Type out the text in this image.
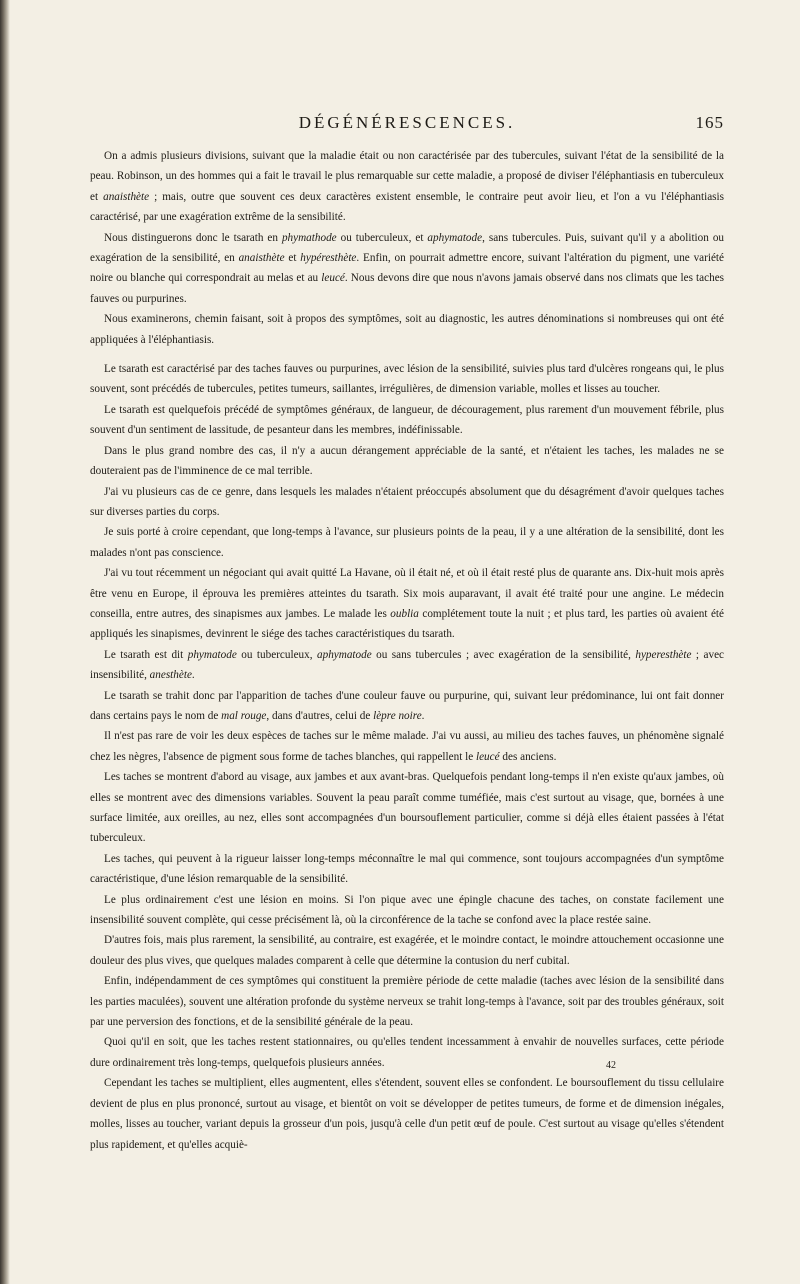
DÉGÉNÉRESCENCES.	165

On a admis plusieurs divisions, suivant que la maladie était ou non caractérisée par des tubercules, suivant l'état de la sensibilité de la peau. Robinson, un des hommes qui a fait le travail le plus remarquable sur cette maladie, a proposé de diviser l'éléphantiasis en tuberculeux et anaisthète ; mais, outre que souvent ces deux caractères existent ensemble, le contraire peut avoir lieu, et l'on a vu l'éléphantiasis caractérisé, par une exagération extrême de la sensibilité.

Nous distinguerons donc le tsarath en phymathode ou tuberculeux, et aphymatode, sans tubercules. Puis, suivant qu'il y a abolition ou exagération de la sensibilité, en anaisthète et hypéresthète. Enfin, on pourrait admettre encore, suivant l'altération du pigment, une variété noire ou blanche qui correspondrait au melas et au leucé. Nous devons dire que nous n'avons jamais observé dans nos climats que les taches fauves ou purpurines.

Nous examinerons, chemin faisant, soit à propos des symptômes, soit au diagnostic, les autres dénominations si nombreuses qui ont été appliquées à l'éléphantiasis.

Le tsarath est caractérisé par des taches fauves ou purpurines, avec lésion de la sensibilité, suivies plus tard d'ulcères rongeans qui, le plus souvent, sont précédés de tubercules, petites tumeurs, saillantes, irrégulières, de dimension variable, molles et lisses au toucher.

Le tsarath est quelquefois précédé de symptômes généraux, de langueur, de découragement, plus rarement d'un mouvement fébrile, plus souvent d'un sentiment de lassitude, de pesanteur dans les membres, indéfinissable.

Dans le plus grand nombre des cas, il n'y a aucun dérangement appréciable de la santé, et n'étaient les taches, les malades ne se douteraient pas de l'imminence de ce mal terrible.

J'ai vu plusieurs cas de ce genre, dans lesquels les malades n'étaient préoccupés absolument que du désagrément d'avoir quelques taches sur diverses parties du corps.

Je suis porté à croire cependant, que long-temps à l'avance, sur plusieurs points de la peau, il y a une altération de la sensibilité, dont les malades n'ont pas conscience.

J'ai vu tout récemment un négociant qui avait quitté La Havane, où il était né, et où il était resté plus de quarante ans. Dix-huit mois après être venu en Europe, il éprouva les premières atteintes du tsarath. Six mois auparavant, il avait été traité pour une angine. Le médecin conseilla, entre autres, des sinapismes aux jambes. Le malade les oublia complétement toute la nuit ; et plus tard, les parties où avaient été appliqués les sinapismes, devinrent le siége des taches caractéristiques du tsarath.

Le tsarath est dit phymatode ou tuberculeux, aphymatode ou sans tubercules ; avec exagération de la sensibilité, hyperesthète ; avec insensibilité, anesthète.

Le tsarath se trahit donc par l'apparition de taches d'une couleur fauve ou purpurine, qui, suivant leur prédominance, lui ont fait donner dans certains pays le nom de mal rouge, dans d'autres, celui de lèpre noire.

Il n'est pas rare de voir les deux espèces de taches sur le même malade. J'ai vu aussi, au milieu des taches fauves, un phénomène signalé chez les nègres, l'absence de pigment sous forme de taches blanches, qui rappellent le leucé des anciens.

Les taches se montrent d'abord au visage, aux jambes et aux avant-bras. Quelquefois pendant long-temps il n'en existe qu'aux jambes, où elles se montrent avec des dimensions variables. Souvent la peau paraît comme tuméfiée, mais c'est surtout au visage, que, bornées à une surface limitée, aux oreilles, au nez, elles sont accompagnées d'un boursouflement particulier, comme si déjà elles étaient passées à l'état tuberculeux.

Les taches, qui peuvent à la rigueur laisser long-temps méconnaître le mal qui commence, sont toujours accompagnées d'un symptôme caractéristique, d'une lésion remarquable de la sensibilité.

Le plus ordinairement c'est une lésion en moins. Si l'on pique avec une épingle chacune des taches, on constate facilement une insensibilité souvent complète, qui cesse précisément là, où la circonférence de la tache se confond avec la place restée saine.

D'autres fois, mais plus rarement, la sensibilité, au contraire, est exagérée, et le moindre contact, le moindre attouchement occasionne une douleur des plus vives, que quelques malades comparent à celle que détermine la contusion du nerf cubital.

Enfin, indépendamment de ces symptômes qui constituent la première période de cette maladie (taches avec lésion de la sensibilité dans les parties maculées), souvent une altération profonde du système nerveux se trahit long-temps à l'avance, soit par des troubles généraux, soit par une perversion des fonctions, et de la sensibilité générale de la peau.

Quoi qu'il en soit, que les taches restent stationnaires, ou qu'elles tendent incessamment à envahir de nouvelles surfaces, cette période dure ordinairement très long-temps, quelquefois plusieurs années.

Cependant les taches se multiplient, elles augmentent, elles s'étendent, souvent elles se confondent. Le boursouflement du tissu cellulaire devient de plus en plus prononcé, surtout au visage, et bientôt on voit se développer de petites tumeurs, de forme et de dimension inégales, molles, lisses au toucher, variant depuis la grosseur d'un pois, jusqu'à celle d'un petit œuf de poule. C'est surtout au visage qu'elles s'étendent plus rapidement, et qu'elles acquiè-

42
